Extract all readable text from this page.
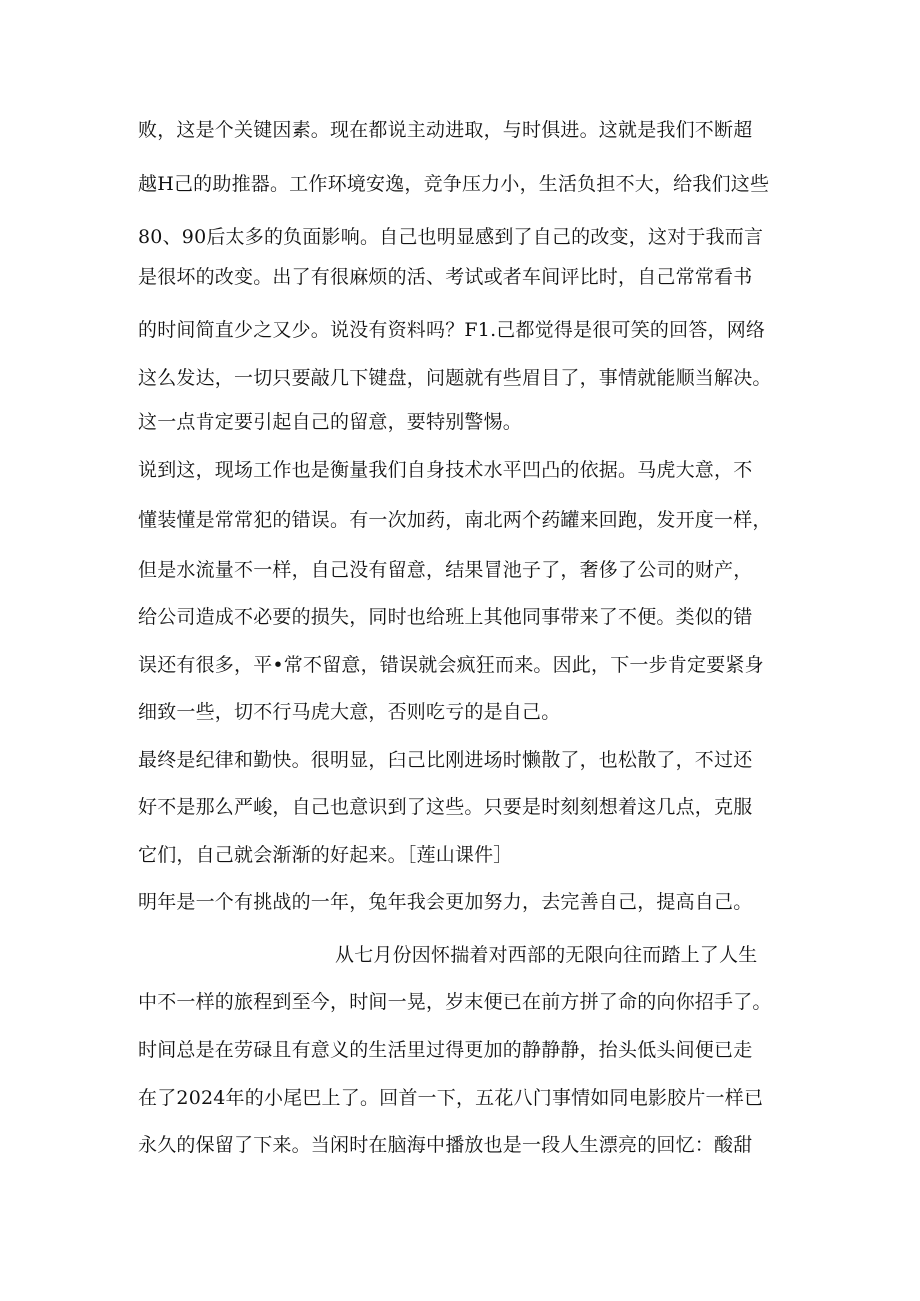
败，这是个关键因素。现在都说主动进取，与时俱进。这就是我们不断超
越H己的助推器。工作环境安逸，竞争压力小，生活负担不大，给我们这些
80、90后太多的负面影响。自己也明显感到了自己的改变，这对于我而言
是很坏的改变。出了有很麻烦的活、考试或者车间评比时，自己常常看书
的时间简直少之又少。说没有资料吗？F1.己都觉得是很可笑的回答，网络
这么发达，一切只要敲几下键盘，问题就有些眉目了，事情就能顺当解决。
这一点肯定要引起自己的留意，要特别警惕。
说到这，现场工作也是衡量我们自身技术水平凹凸的依据。马虎大意，不
懂装懂是常常犯的错误。有一次加药，南北两个药罐来回跑，发开度一样，
但是水流量不一样，自己没有留意，结果冒池子了，奢侈了公司的财产，
给公司造成不必要的损失，同时也给班上其他同事带来了不便。类似的错
误还有很多，平•常不留意，错误就会疯狂而来。因此，下一步肯定要紧身
细致一些，切不行马虎大意，否则吃亏的是自己。
最终是纪律和勤快。很明显，臼己比刚进场时懒散了，也松散了，不过还
好不是那么严峻，自己也意识到了这些。只要是时刻刻想着这几点，克服
它们，自己就会渐渐的好起来。［莲山课件］
明年是一个有挑战的一年，兔年我会更加努力，去完善自己，提高自己。
从七月份因怀揣着对西部的无限向往而踏上了人生
中不一样的旅程到至今，时间一晃，岁末便已在前方拼了命的向你招手了。
时间总是在劳碌且有意义的生活里过得更加的静静静，抬头低头间便已走
在了2024年的小尾巴上了。回首一下，五花八门事情如同电影胶片一样已
永久的保留了下来。当闲时在脑海中播放也是一段人生漂亮的回忆：酸甜
